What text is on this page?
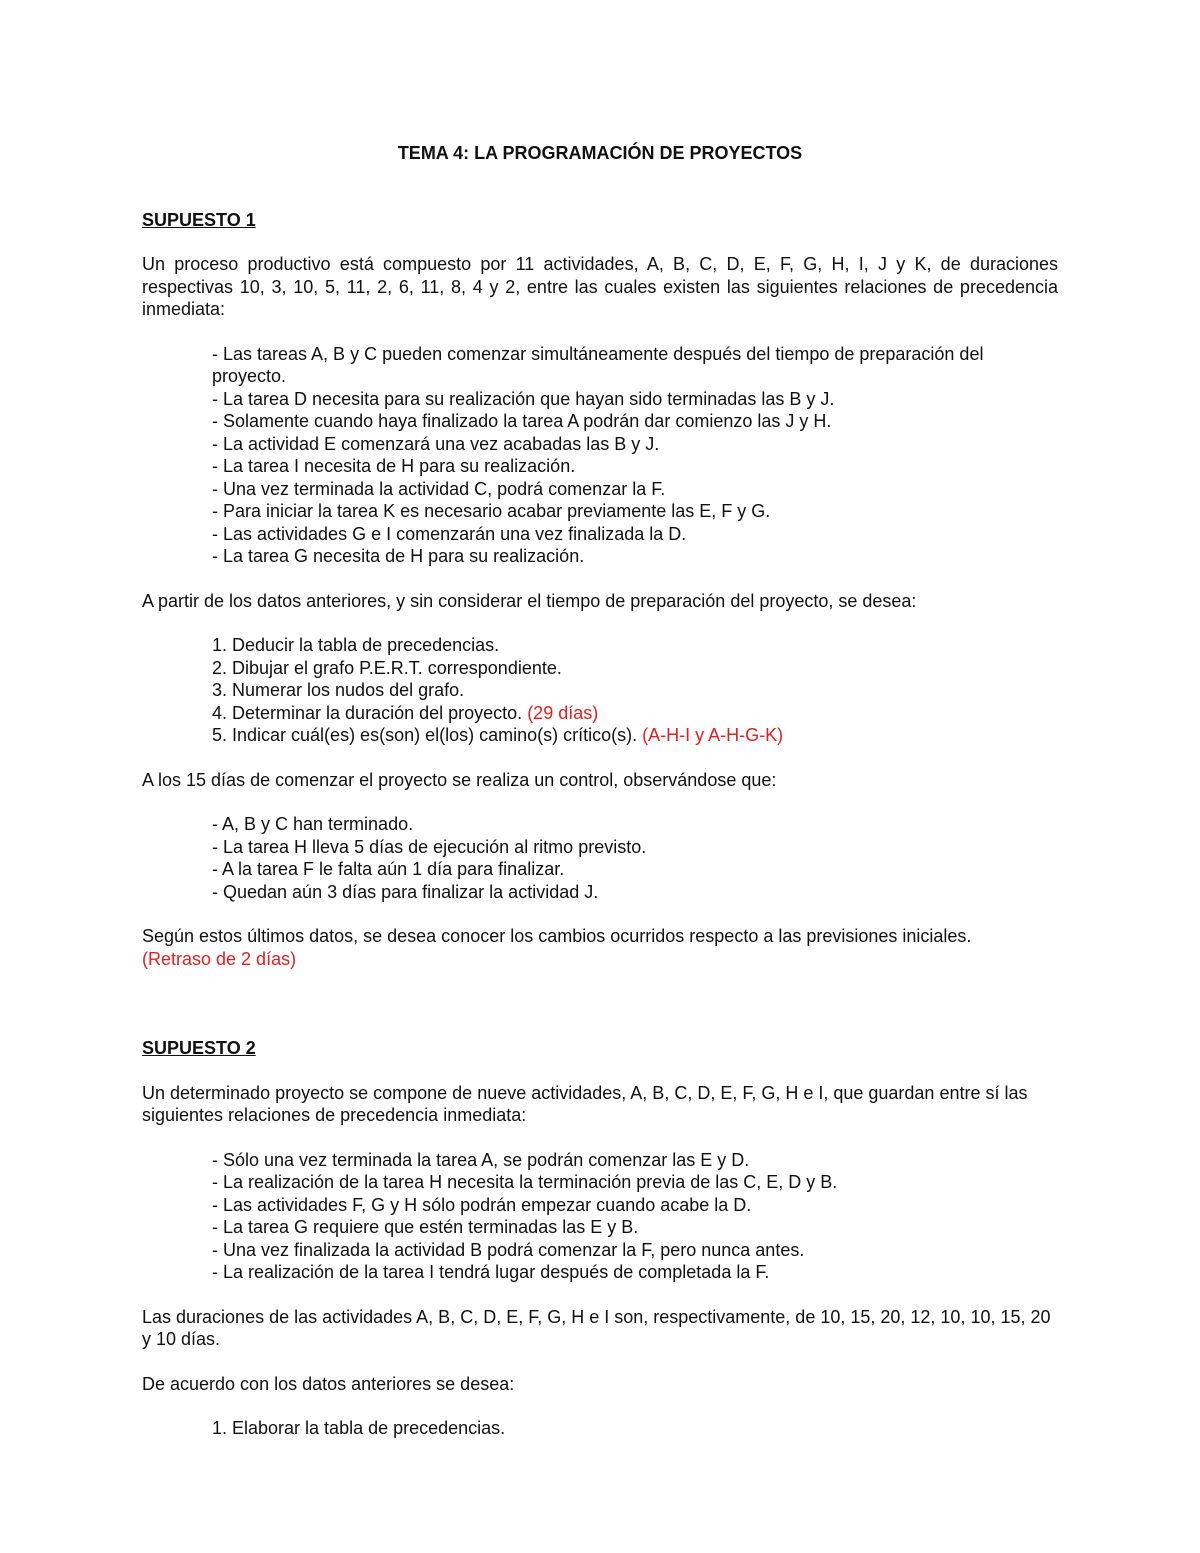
TEMA 4: LA PROGRAMACIÓN DE PROYECTOS
SUPUESTO 1
Un proceso productivo está compuesto por 11 actividades, A, B, C, D, E, F, G, H, I, J y K, de duraciones respectivas 10, 3, 10, 5, 11, 2, 6, 11, 8, 4 y 2, entre las cuales existen las siguientes relaciones de precedencia inmediata:
- Las tareas A, B y C pueden comenzar simultáneamente después del tiempo de preparación del proyecto.
- La tarea D necesita para su realización que hayan sido terminadas las B y J.
- Solamente cuando haya finalizado la tarea A podrán dar comienzo las J y H.
- La actividad E comenzará una vez acabadas las B y J.
- La tarea I necesita de H para su realización.
- Una vez terminada la actividad C, podrá comenzar la F.
- Para iniciar la tarea K es necesario acabar previamente las E, F y G.
- Las actividades G e I comenzarán una vez finalizada la D.
- La tarea G necesita de H para su realización.
A partir de los datos anteriores, y sin considerar el tiempo de preparación del proyecto, se desea:
1. Deducir la tabla de precedencias.
2. Dibujar el grafo P.E.R.T. correspondiente.
3. Numerar los nudos del grafo.
4. Determinar la duración del proyecto. (29 días)
5. Indicar cuál(es) es(son) el(los) camino(s) crítico(s). (A-H-I y A-H-G-K)
A los 15 días de comenzar el proyecto se realiza un control, observándose que:
- A, B y C han terminado.
- La tarea H lleva 5 días de ejecución al ritmo previsto.
- A la tarea F le falta aún 1 día para finalizar.
- Quedan aún 3 días para finalizar la actividad J.
Según estos últimos datos, se desea conocer los cambios ocurridos respecto a las previsiones iniciales.
(Retraso de 2 días)
SUPUESTO 2
Un determinado proyecto se compone de nueve actividades, A, B, C, D, E, F, G, H e I, que guardan entre sí las siguientes relaciones de precedencia inmediata:
- Sólo una vez terminada la tarea A, se podrán comenzar las E y D.
- La realización de la tarea H necesita la terminación previa de las C, E, D y B.
- Las actividades F, G y H sólo podrán empezar cuando acabe la D.
- La tarea G requiere que estén terminadas las E y B.
- Una vez finalizada la actividad B podrá comenzar la F, pero nunca antes.
- La realización de la tarea I tendrá lugar después de completada la F.
Las duraciones de las actividades A, B, C, D, E, F, G, H e I son, respectivamente, de 10, 15, 20, 12, 10, 10, 15, 20 y 10 días.
De acuerdo con los datos anteriores se desea:
1. Elaborar la tabla de precedencias.
